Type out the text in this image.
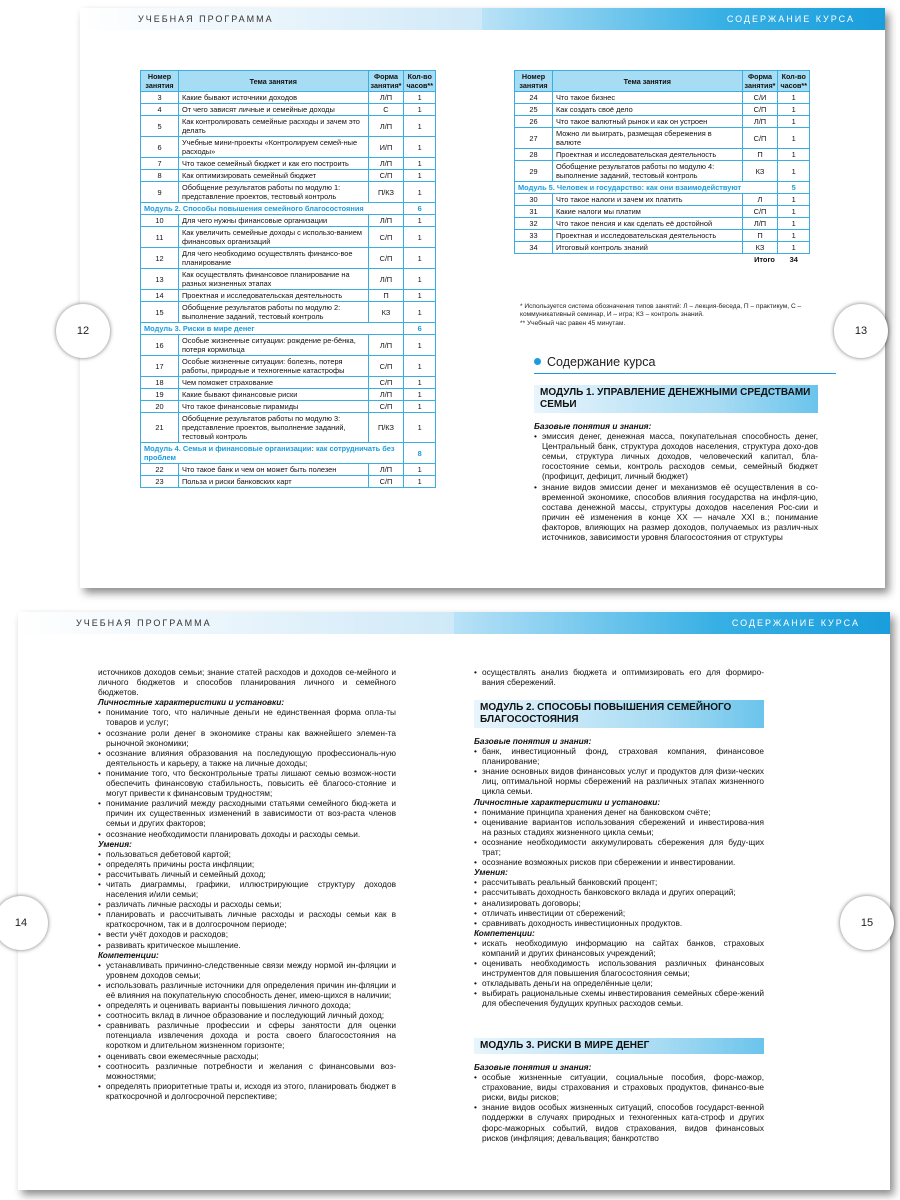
УЧЕБНАЯ ПРОГРАММА	СОДЕРЖАНИЕ КУРСА
Номер занятия	Тема занятия	Форма занятия*	Кол-во часов**
3	Какие бывают источники доходов	Л/П	1
4	От чего зависят личные и семейные доходы	С	1
5	Как контролировать семейные расходы и зачем это делать	Л/П	1
6	Учебные мини-проекты «Контролируем семей-ные расходы»	И/П	1
7	Что такое семейный бюджет и как его построить	Л/П	1
8	Как оптимизировать семейный бюджет	С/П	1
9	Обобщение результатов работы по модулю 1: представление проектов, тестовый контроль	П/КЗ	1
Модуль 2. Способы повышения семейного благосостояния			6
10	Для чего нужны финансовые организации	Л/П	1
11	Как увеличить семейные доходы с использо-ванием финансовых организаций	С/П	1
12	Для чего необходимо осуществлять финансо-вое планирование	С/П	1
13	Как осуществлять финансовое планирование на разных жизненных этапах	Л/П	1
14	Проектная и исследовательская деятельность	П	1
15	Обобщение результатов работы по модулю 2: выполнение заданий, тестовый контроль	КЗ	1
Модуль 3. Риски в мире денег			6
16	Особые жизненные ситуации: рождение ре-бёнка, потеря кормильца	Л/П	1
17	Особые жизненные ситуации: болезнь, потеря работы, природные и техногенные катастрофы	С/П	1
18	Чем поможет страхование	С/П	1
19	Какие бывают финансовые риски	Л/П	1
20	Что такое финансовые пирамиды	С/П	1
21	Обобщение результатов работы по модулю 3: представление проектов, выполнение заданий, тестовый контроль	П/КЗ	1
Модуль 4. Семья и финансовые организации: как сотрудничать без проблем			8
22	Что такое банк и чем он может быть полезен	Л/П	1
23	Польза и риски банковских карт	С/П	1
12
Номер занятия	Тема занятия	Форма занятия*	Кол-во часов**
24	Что такое бизнес	С/И	1
25	Как создать своё дело	С/П	1
26	Что такое валютный рынок и как он устроен	Л/П	1
27	Можно ли выиграть, размещая сбережения в валюте	С/П	1
28	Проектная и исследовательская деятельность	П	1
29	Обобщение результатов работы по модулю 4: выполнение заданий, тестовый контроль	КЗ	1
Модуль 5. Человек и государство: как они взаимодействуют			5
30	Что такое налоги и зачем их платить	Л	1
31	Какие налоги мы платим	С/П	1
32	Что такое пенсия и как сделать её достойной	Л/П	1
33	Проектная и исследовательская деятельность	П	1
34	Итоговый контроль знаний	КЗ	1
Итого			34
* Используется система обозначения типов занятий: Л – лекция-беседа, П – практикум, С – коммуникативный семинар, И – игра; КЗ – контроль знаний.
** Учебный час равен 45 минутам.
13
Содержание курса
МОДУЛЬ 1. УПРАВЛЕНИЕ ДЕНЕЖНЫМИ СРЕДСТВАМИ СЕМЬИ

Базовые понятия и знания:

• эмиссия денег, денежная масса, покупательная способность денег, Центральный банк, структура доходов населения, структура дохо-дов семьи, структура личных доходов, человеческий капитал, бла-госостояние семьи, контроль расходов семьи, семейный бюджет (профицит, дефицит, личный бюджет)
• знание видов эмиссии денег и механизмов её осуществления в со-временной экономике, способов влияния государства на инфля-цию, состава денежной массы, структуры доходов населения Рос-сии и причин её изменения в конце XX — начале XXI в.; понимание факторов, влияющих на размер доходов, получаемых из различ-ных источников, зависимости уровня благосостояния от структуры
УЧЕБНАЯ ПРОГРАММА	СОДЕРЖАНИЕ КУРСА

источников доходов семьи; знание статей расходов и доходов се-мейного и личного бюджетов и способов планирования личного и семейного бюджетов.

Личностные характеристики и установки:

• понимание того, что наличные деньги не единственная форма опла-ты товаров и услуг;
• осознание роли денег в экономике страны как важнейшего элемен-та рыночной экономики;
• осознание влияния образования на последующую профессиональ-ную деятельность и карьеру, а также на личные доходы;
• понимание того, что бесконтрольные траты лишают семью возмож-ности обеспечить финансовую стабильность, повысить её благосо-стояние и могут привести к финансовым трудностям;
• понимание различий между расходными статьями семейного бюд-жета и причин их существенных изменений в зависимости от воз-раста членов семьи и других факторов;
• осознание необходимости планировать доходы и расходы семьи.

Умения:

• пользоваться дебетовой картой;
• определять причины роста инфляции;
• рассчитывать личный и семейный доход;
• читать диаграммы, графики, иллюстрирующие структуру доходов населения и/или семьи;
• различать личные расходы и расходы семьи;
• планировать и рассчитывать личные расходы и расходы семьи как в краткосрочном, так и в долгосрочном периоде;
• вести учёт доходов и расходов;
• развивать критическое мышление.

Компетенции:

• устанавливать причинно-следственные связи между нормой ин-фляции и уровнем доходов семьи;
• использовать различные источники для определения причин ин-фляции и её влияния на покупательную способность денег, имею-щихся в наличии;
• определять и оценивать варианты повышения личного дохода;
• соотносить вклад в личное образование и последующий личный доход;
• сравнивать различные профессии и сферы занятости для оценки потенциала извлечения дохода и роста своего благосостояния на коротком и длительном жизненном горизонте;
• оценивать свои ежемесячные расходы;
• соотносить различные потребности и желания с финансовыми воз-можностями;
• определять приоритетные траты и, исходя из этого, планировать бюджет в краткосрочной и долгосрочной перспективе;
14
• осуществлять анализ бюджета и оптимизировать его для формиро-вания сбережений.
МОДУЛЬ 2. СПОСОБЫ ПОВЫШЕНИЯ СЕМЕЙНОГО БЛАГОСОСТОЯНИЯ

Базовые понятия и знания:

• банк, инвестиционный фонд, страховая компания, финансовое планирование;
• знание основных видов финансовых услуг и продуктов для физи-ческих лиц, оптимальной нормы сбережений на различных этапах жизненного цикла семьи.

Личностные характеристики и установки:

• понимание принципа хранения денег на банковском счёте;
• оценивание вариантов использования сбережений и инвестирова-ния на разных стадиях жизненного цикла семьи;
• осознание необходимости аккумулировать сбережения для буду-щих трат;
• осознание возможных рисков при сбережении и инвестировании.

Умения:

• рассчитывать реальный банковский процент;
• рассчитывать доходность банковского вклада и других операций;
• анализировать договоры;
• отличать инвестиции от сбережений;
• сравнивать доходность инвестиционных продуктов.

Компетенции:

• искать необходимую информацию на сайтах банков, страховых компаний и других финансовых учреждений;
• оценивать необходимость использования различных финансовых инструментов для повышения благосостояния семьи;
• откладывать деньги на определённые цели;
• выбирать рациональные схемы инвестирования семейных сбере-жений для обеспечения будущих крупных расходов семьи.
15
МОДУЛЬ 3. РИСКИ В МИРЕ ДЕНЕГ

Базовые понятия и знания:

• особые жизненные ситуации, социальные пособия, форс-мажор, страхование, виды страхования и страховых продуктов, финансо-вые риски, виды рисков;
• знание видов особых жизненных ситуаций, способов государст-венной поддержки в случаях природных и техногенных ката-строф и других форс-мажорных событий, видов страхования, видов финансовых рисков (инфляция; девальвация; банкротство
